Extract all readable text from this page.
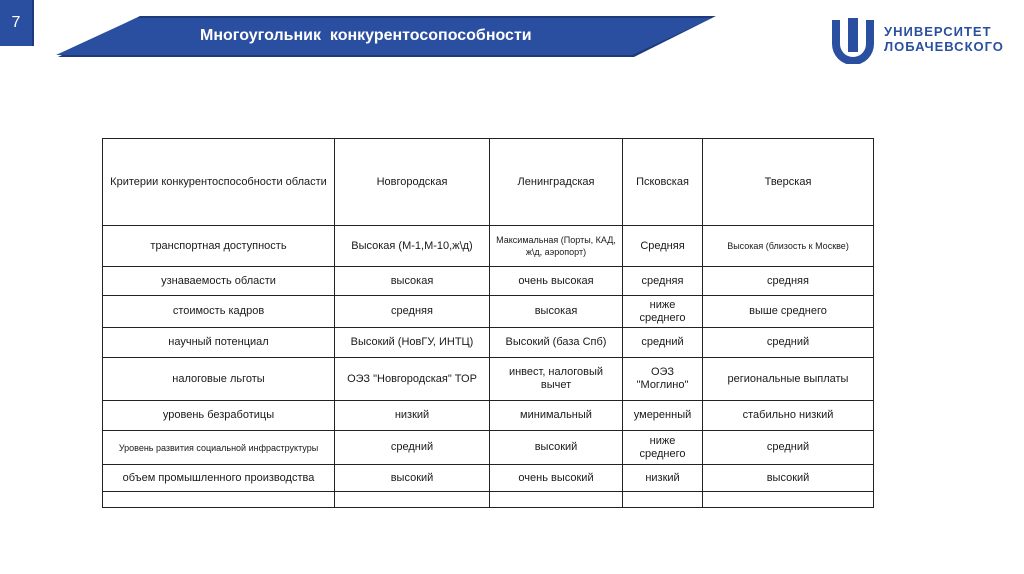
Многоугольник  конкурентосопособности
7
УНИВЕРСИТЕТ
ЛОБАЧЕВСКОГО
Критерии конкурентоспособности области	Новгородская	Ленинградская	Псковская	Тверская
транспортная доступность	Высокая (М-1,М-10,ж\д)	Максимальная (Порты, КАД, ж\д, аэропорт)	Средняя	Высокая (близость к Москве)
узнаваемость области	высокая	очень высокая	средняя	средняя
стоимость кадров	средняя	высокая	ниже среднего	выше среднего
научный потенциал	Высокий (НовГУ, ИНТЦ)	Высокий (база Спб)	средний	средний
налоговые льготы	ОЭЗ "Новгородская" ТОР	инвест, налоговый вычет	ОЭЗ "Моглино"	региональные выплаты
уровень безработицы	низкий	минимальный	умеренный	стабильно низкий
Уровень развития социальной инфраструктуры	средний	высокий	ниже среднего	средний
объем промышленного производства	высокий	очень высокий	низкий	высокий
